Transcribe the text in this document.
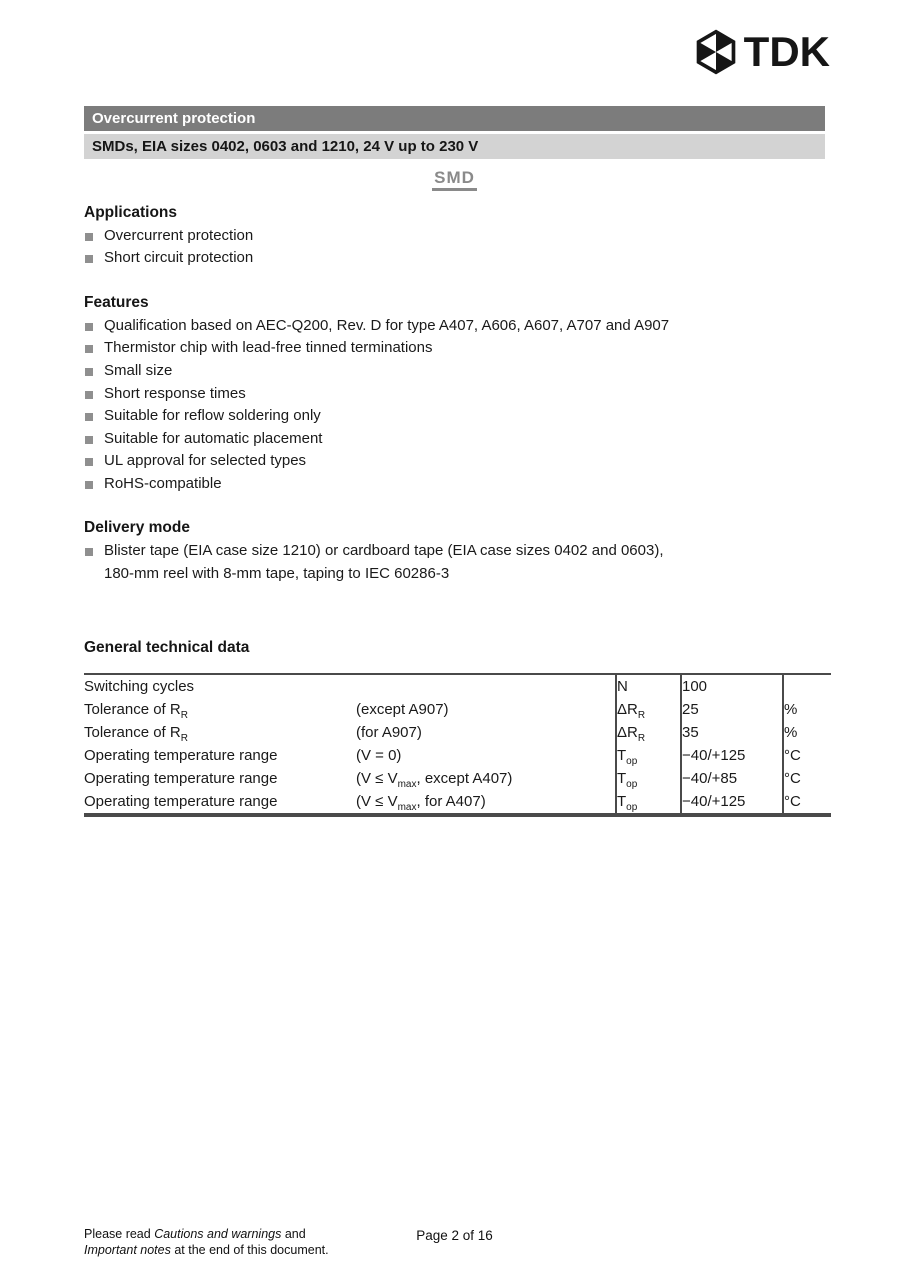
TDK
Overcurrent protection
SMDs, EIA sizes 0402, 0603 and 1210, 24 V up to 230 V
SMD
Applications
Overcurrent protection
Short circuit protection
Features
Qualification based on AEC-Q200, Rev. D for type A407, A606, A607, A707 and A907
Thermistor chip with lead-free tinned terminations
Small size
Short response times
Suitable for reflow soldering only
Suitable for automatic placement
UL approval for selected types
RoHS-compatible
Delivery mode
Blister tape (EIA case size 1210) or cardboard tape (EIA case sizes 0402 and 0603),
180-mm reel with 8-mm tape, taping to IEC 60286-3
General technical data
Switching cycles		N	100	
Tolerance of $R_R$	(except A907)	$\Delta R_R$	25	%
Tolerance of $R_R$	(for A907)	$\Delta R_R$	35	%
Operating temperature range	(V = 0)	$T_{op}$	−40/+125	°C
Operating temperature range	($V \le V_{max}$, except A407)	$T_{op}$	−40/+85	°C
Operating temperature range	($V \le V_{max}$, for A407)	$T_{op}$	−40/+125	°C
Please read Cautions and warnings and
Important notes at the end of this document.
Page 2 of 16
